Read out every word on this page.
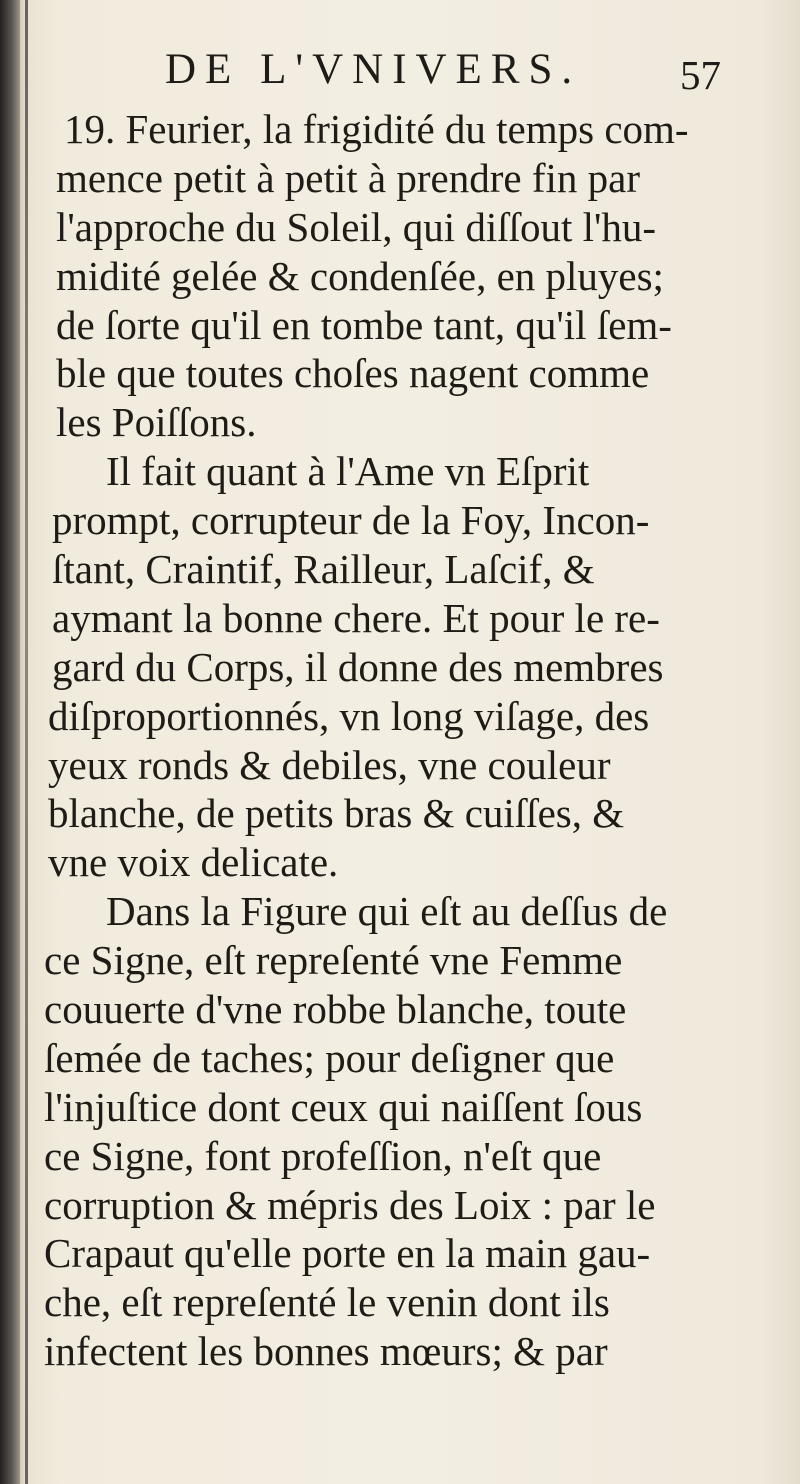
DE L'VNIVERS. 57
19. Feurier, la frigidité du temps com-
mence petit à petit à prendre fin par
l'approche du Soleil, qui diſſout l'hu-
midité gelée & condenſée, en pluyes;
de ſorte qu'il en tombe tant, qu'il ſem-
ble que toutes choſes nagent comme
les Poiſſons.
Il fait quant à l'Ame vn Eſprit
prompt, corrupteur de la Foy, Incon-
ſtant, Craintif, Railleur, Laſcif, &
aymant la bonne chere. Et pour le re-
gard du Corps, il donne des membres
diſproportionnés, vn long viſage, des
yeux ronds & debiles, vne couleur
blanche, de petits bras & cuiſſes, &
vne voix delicate.
Dans la Figure qui eſt au deſſus de
ce Signe, eſt repreſenté vne Femme
couuerte d'vne robbe blanche, toute
ſemée de taches; pour deſigner que
l'injuſtice dont ceux qui naiſſent ſous
ce Signe, font profeſſion, n'eſt que
corruption & mépris des Loix : par le
Crapaut qu'elle porte en la main gau-
che, eſt repreſenté le venin dont ils
infectent les bonnes mœurs; & par
